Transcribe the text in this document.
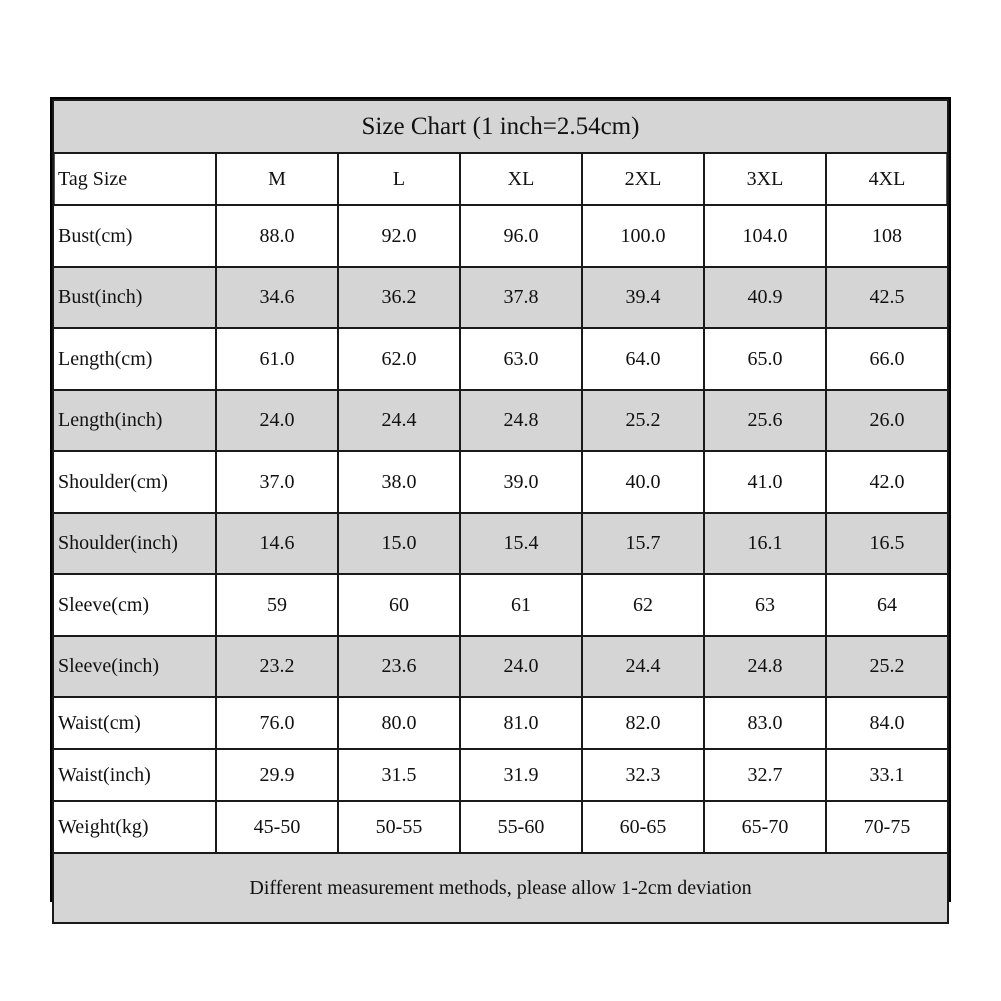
Size Chart (1 inch=2.54cm)						
Tag Size	M	L	XL	2XL	3XL	4XL
Bust(cm)	88.0	92.0	96.0	100.0	104.0	108
Bust(inch)	34.6	36.2	37.8	39.4	40.9	42.5
Length(cm)	61.0	62.0	63.0	64.0	65.0	66.0
Length(inch)	24.0	24.4	24.8	25.2	25.6	26.0
Shoulder(cm)	37.0	38.0	39.0	40.0	41.0	42.0
Shoulder(inch)	14.6	15.0	15.4	15.7	16.1	16.5
Sleeve(cm)	59	60	61	62	63	64
Sleeve(inch)	23.2	23.6	24.0	24.4	24.8	25.2
Waist(cm)	76.0	80.0	81.0	82.0	83.0	84.0
Waist(inch)	29.9	31.5	31.9	32.3	32.7	33.1
Weight(kg)	45-50	50-55	55-60	60-65	65-70	70-75
Different measurement methods, please allow 1-2cm deviation						
